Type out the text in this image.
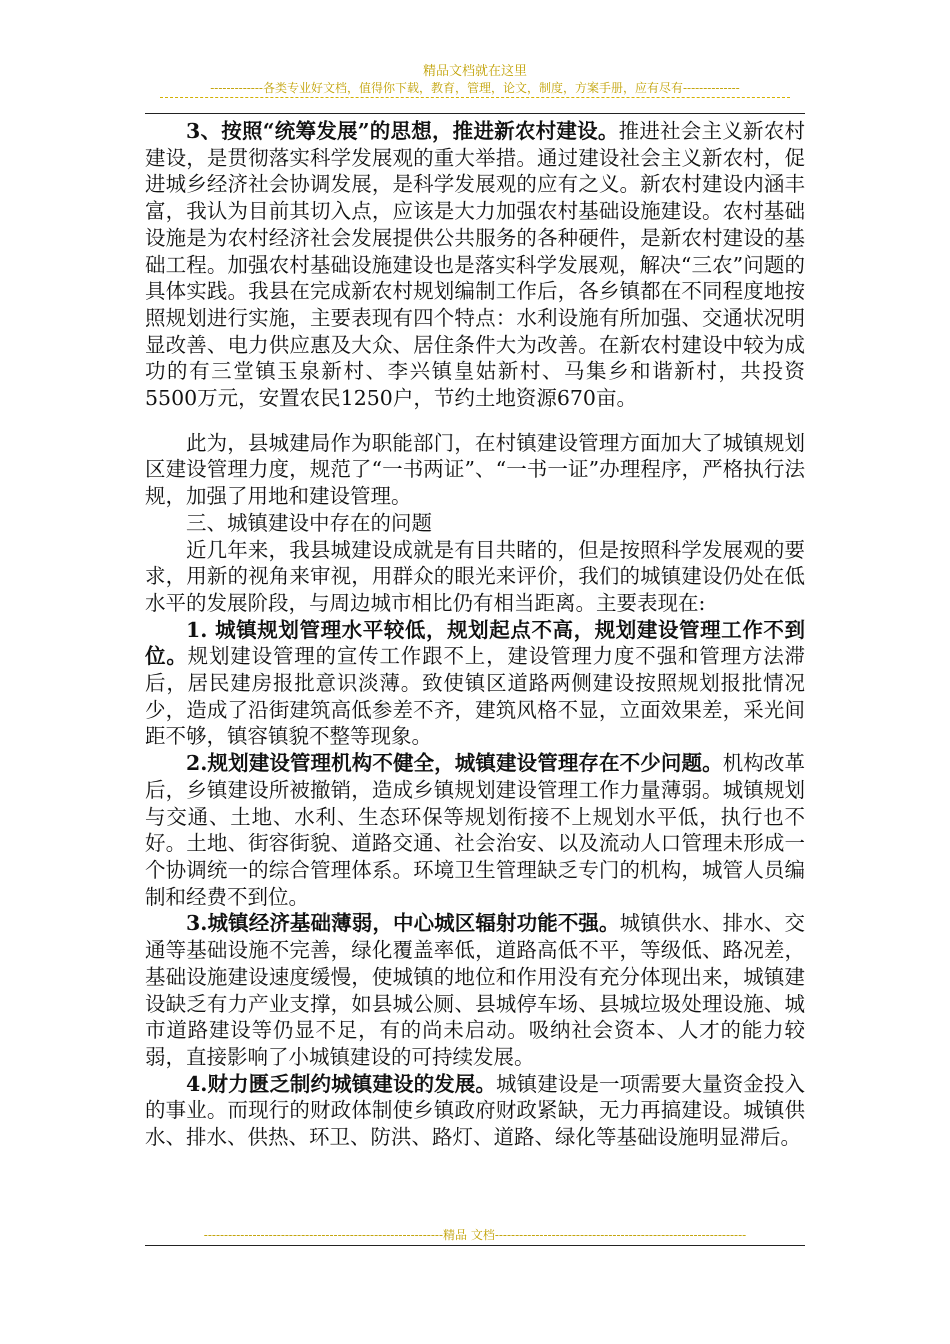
精品文档就在这里
-------------各类专业好文档，值得你下载，教育，管理，论文，制度，方案手册，应有尽有--------------

3、按照“统筹发展”的思想，推进新农村建设。推进社会主义新农村建设，是贯彻落实科学发展观的重大举措。通过建设社会主义新农村，促进城乡经济社会协调发展，是科学发展观的应有之义。新农村建设内涵丰富，我认为目前其切入点，应该是大力加强农村基础设施建设。农村基础设施是为农村经济社会发展提供公共服务的各种硬件，是新农村建设的基础工程。加强农村基础设施建设也是落实科学发展观，解决“三农”问题的具体实践。我县在完成新农村规划编制工作后，各乡镇都在不同程度地按照规划进行实施，主要表现有四个特点：水利设施有所加强、交通状况明显改善、电力供应惠及大众、居住条件大为改善。在新农村建设中较为成功的有三堂镇玉泉新村、李兴镇皇姑新村、马集乡和谐新村，共投资5500万元，安置农民1250户，节约土地资源670亩。

此为，县城建局作为职能部门，在村镇建设管理方面加大了城镇规划区建设管理力度，规范了“一书两证”、“一书一证”办理程序，严格执行法规，加强了用地和建设管理。

三、城镇建设中存在的问题

近几年来，我县城建设成就是有目共睹的，但是按照科学发展观的要求，用新的视角来审视，用群众的眼光来评价，我们的城镇建设仍处在低水平的发展阶段，与周边城市相比仍有相当距离。主要表现在:

1. 城镇规划管理水平较低，规划起点不高，规划建设管理工作不到位。规划建设管理的宣传工作跟不上，建设管理力度不强和管理方法滞后，居民建房报批意识淡薄。致使镇区道路两侧建设按照规划报批情况少，造成了沿街建筑高低参差不齐，建筑风格不显，立面效果差，采光间距不够，镇容镇貌不整等现象。

2.规划建设管理机构不健全，城镇建设管理存在不少问题。机构改革后，乡镇建设所被撤销，造成乡镇规划建设管理工作力量薄弱。城镇规划与交通、土地、水利、生态环保等规划衔接不上规划水平低，执行也不好。土地、街容街貌、道路交通、社会治安、以及流动人口管理未形成一个协调统一的综合管理体系。环境卫生管理缺乏专门的机构，城管人员编制和经费不到位。

3.城镇经济基础薄弱，中心城区辐射功能不强。城镇供水、排水、交通等基础设施不完善，绿化覆盖率低，道路高低不平，等级低、路况差，基础设施建设速度缓慢，使城镇的地位和作用没有充分体现出来，城镇建设缺乏有力产业支撑，如县城公厕、县城停车场、县城垃圾处理设施、城市道路建设等仍显不足，有的尚未启动。吸纳社会资本、人才的能力较弱，直接影响了小城镇建设的可持续发展。

4.财力匮乏制约城镇建设的发展。城镇建设是一项需要大量资金投入的事业。而现行的财政体制使乡镇政府财政紧缺，无力再搞建设。城镇供水、排水、供热、环卫、防洪、路灯、道路、绿化等基础设施明显滞后。

-----------------------------------------------------------精品 文档--------------------------------------------------------------
